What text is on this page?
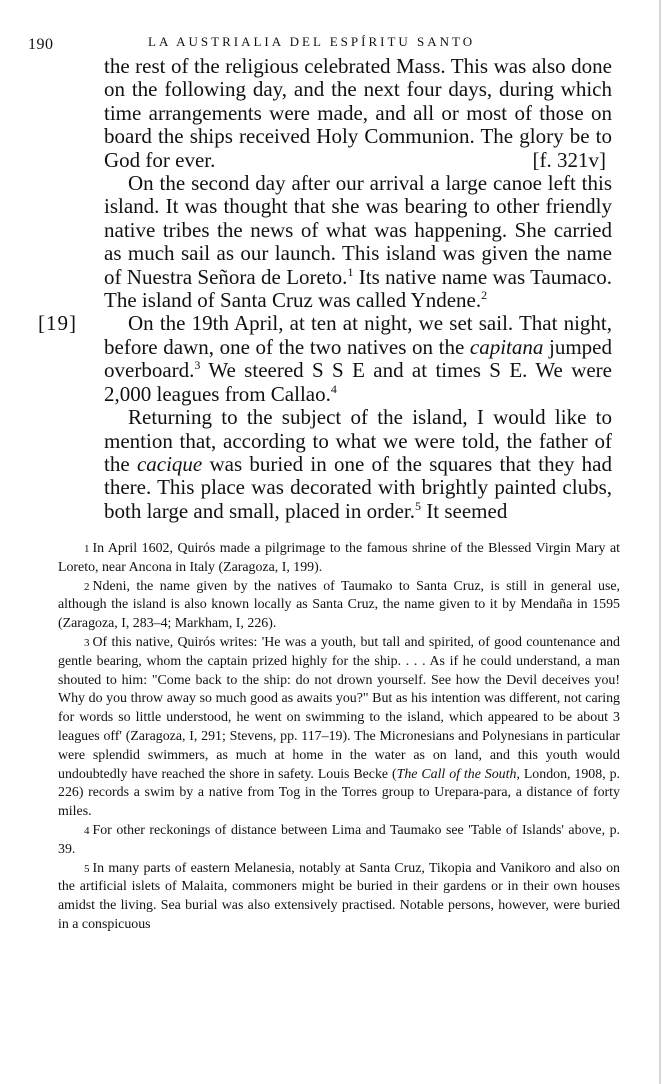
190	LA AUSTRIALIA DEL ESPÍRITU SANTO

the rest of the religious celebrated Mass. This was also done on the following day, and the next four days, during which time arrangements were made, and all or most of those on board the ships received Holy Communion. The glory be to God for ever.	[f. 321v]

On the second day after our arrival a large canoe left this island. It was thought that she was bearing to other friendly native tribes the news of what was happening. She carried as much sail as our launch. This island was given the name of Nuestra Señora de Loreto.$^1$ Its native name was Taumaco. The island of Santa Cruz was called Yndene.$^2$

[19] On the 19th April, at ten at night, we set sail. That night, before dawn, one of the two natives on the capitana jumped overboard.$^3$ We steered S S E and at times S E. We were 2,000 leagues from Callao.$^4$

Returning to the subject of the island, I would like to mention that, according to what we were told, the father of the cacique was buried in one of the squares that they had there. This place was decorated with brightly painted clubs, both large and small, placed in order.$^5$ It seemed

1 In April 1602, Quirós made a pilgrimage to the famous shrine of the Blessed Virgin Mary at Loreto, near Ancona in Italy (Zaragoza, I, 199).

2 Ndeni, the name given by the natives of Taumako to Santa Cruz, is still in general use, although the island is also known locally as Santa Cruz, the name given to it by Mendaña in 1595 (Zaragoza, I, 283–4; Markham, I, 226).

3 Of this native, Quirós writes: 'He was a youth, but tall and spirited, of good countenance and gentle bearing, whom the captain prized highly for the ship. . . . As if he could understand, a man shouted to him: "Come back to the ship: do not drown yourself. See how the Devil deceives you! Why do you throw away so much good as awaits you?" But as his intention was different, not caring for words so little understood, he went on swimming to the island, which appeared to be about 3 leagues off' (Zaragoza, I, 291; Stevens, pp. 117–19). The Micronesians and Polynesians in particular were splendid swimmers, as much at home in the water as on land, and this youth would undoubtedly have reached the shore in safety. Louis Becke (The Call of the South, London, 1908, p. 226) records a swim by a native from Tog in the Torres group to Urepara-para, a distance of forty miles.

4 For other reckonings of distance between Lima and Taumako see 'Table of Islands' above, p. 39.

5 In many parts of eastern Melanesia, notably at Santa Cruz, Tikopia and Vanikoro and also on the artificial islets of Malaita, commoners might be buried in their gardens or in their own houses amidst the living. Sea burial was also extensively practised. Notable persons, however, were buried in a conspicuous
